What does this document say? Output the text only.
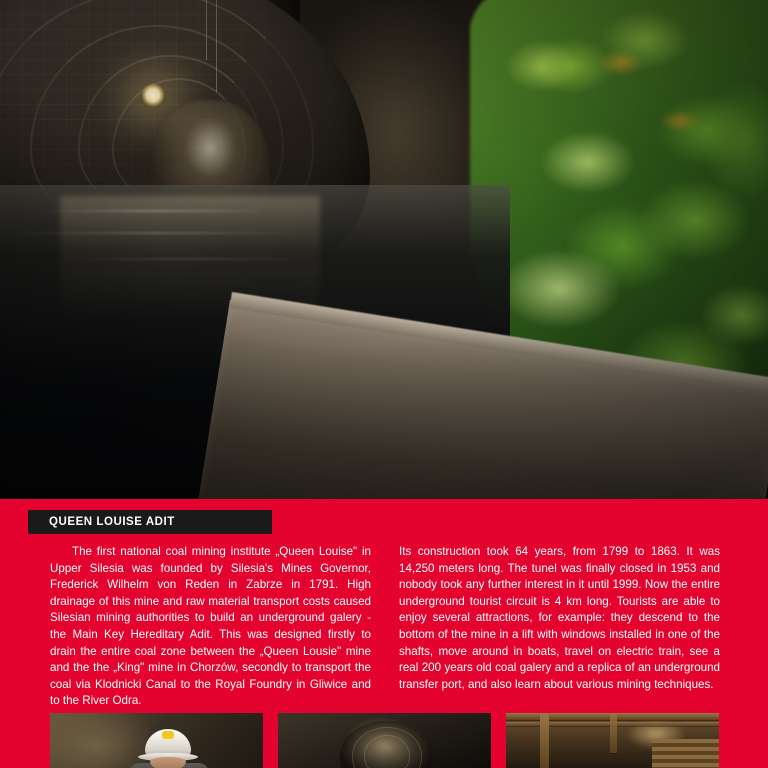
QUEEN LOUISE ADIT

The first national coal mining institute „Queen Louise" in Upper Silesia was founded by Silesia's Mines Governor, Frederick Wilhelm von Reden in Zabrze in 1791. High drainage of this mine and raw material transport costs caused Silesian mining authorities to build an underground galery - the Main Key Hereditary Adit. This was designed firstly to drain the entire coal zone between the „Queen Lousie" mine and the the „King" mine in Chorzów, secondly to transport the coal via Klodnicki Canal to the Royal Foundry in Gliwice and to the River Odra.

Its construction took 64 years, from 1799 to 1863. It was 14,250 meters long. The tunel was finally closed in 1953 and nobody took any further interest in it until 1999. Now the entire underground tourist circuit is 4 km long. Tourists are able to enjoy several attractions, for example: they descend to the bottom of the mine in a lift with windows installed in one of the shafts, move around in boats, travel on electric train, see a real 200 years old coal galery and a replica of an underground transfer port, and also learn about various mining techniques.
